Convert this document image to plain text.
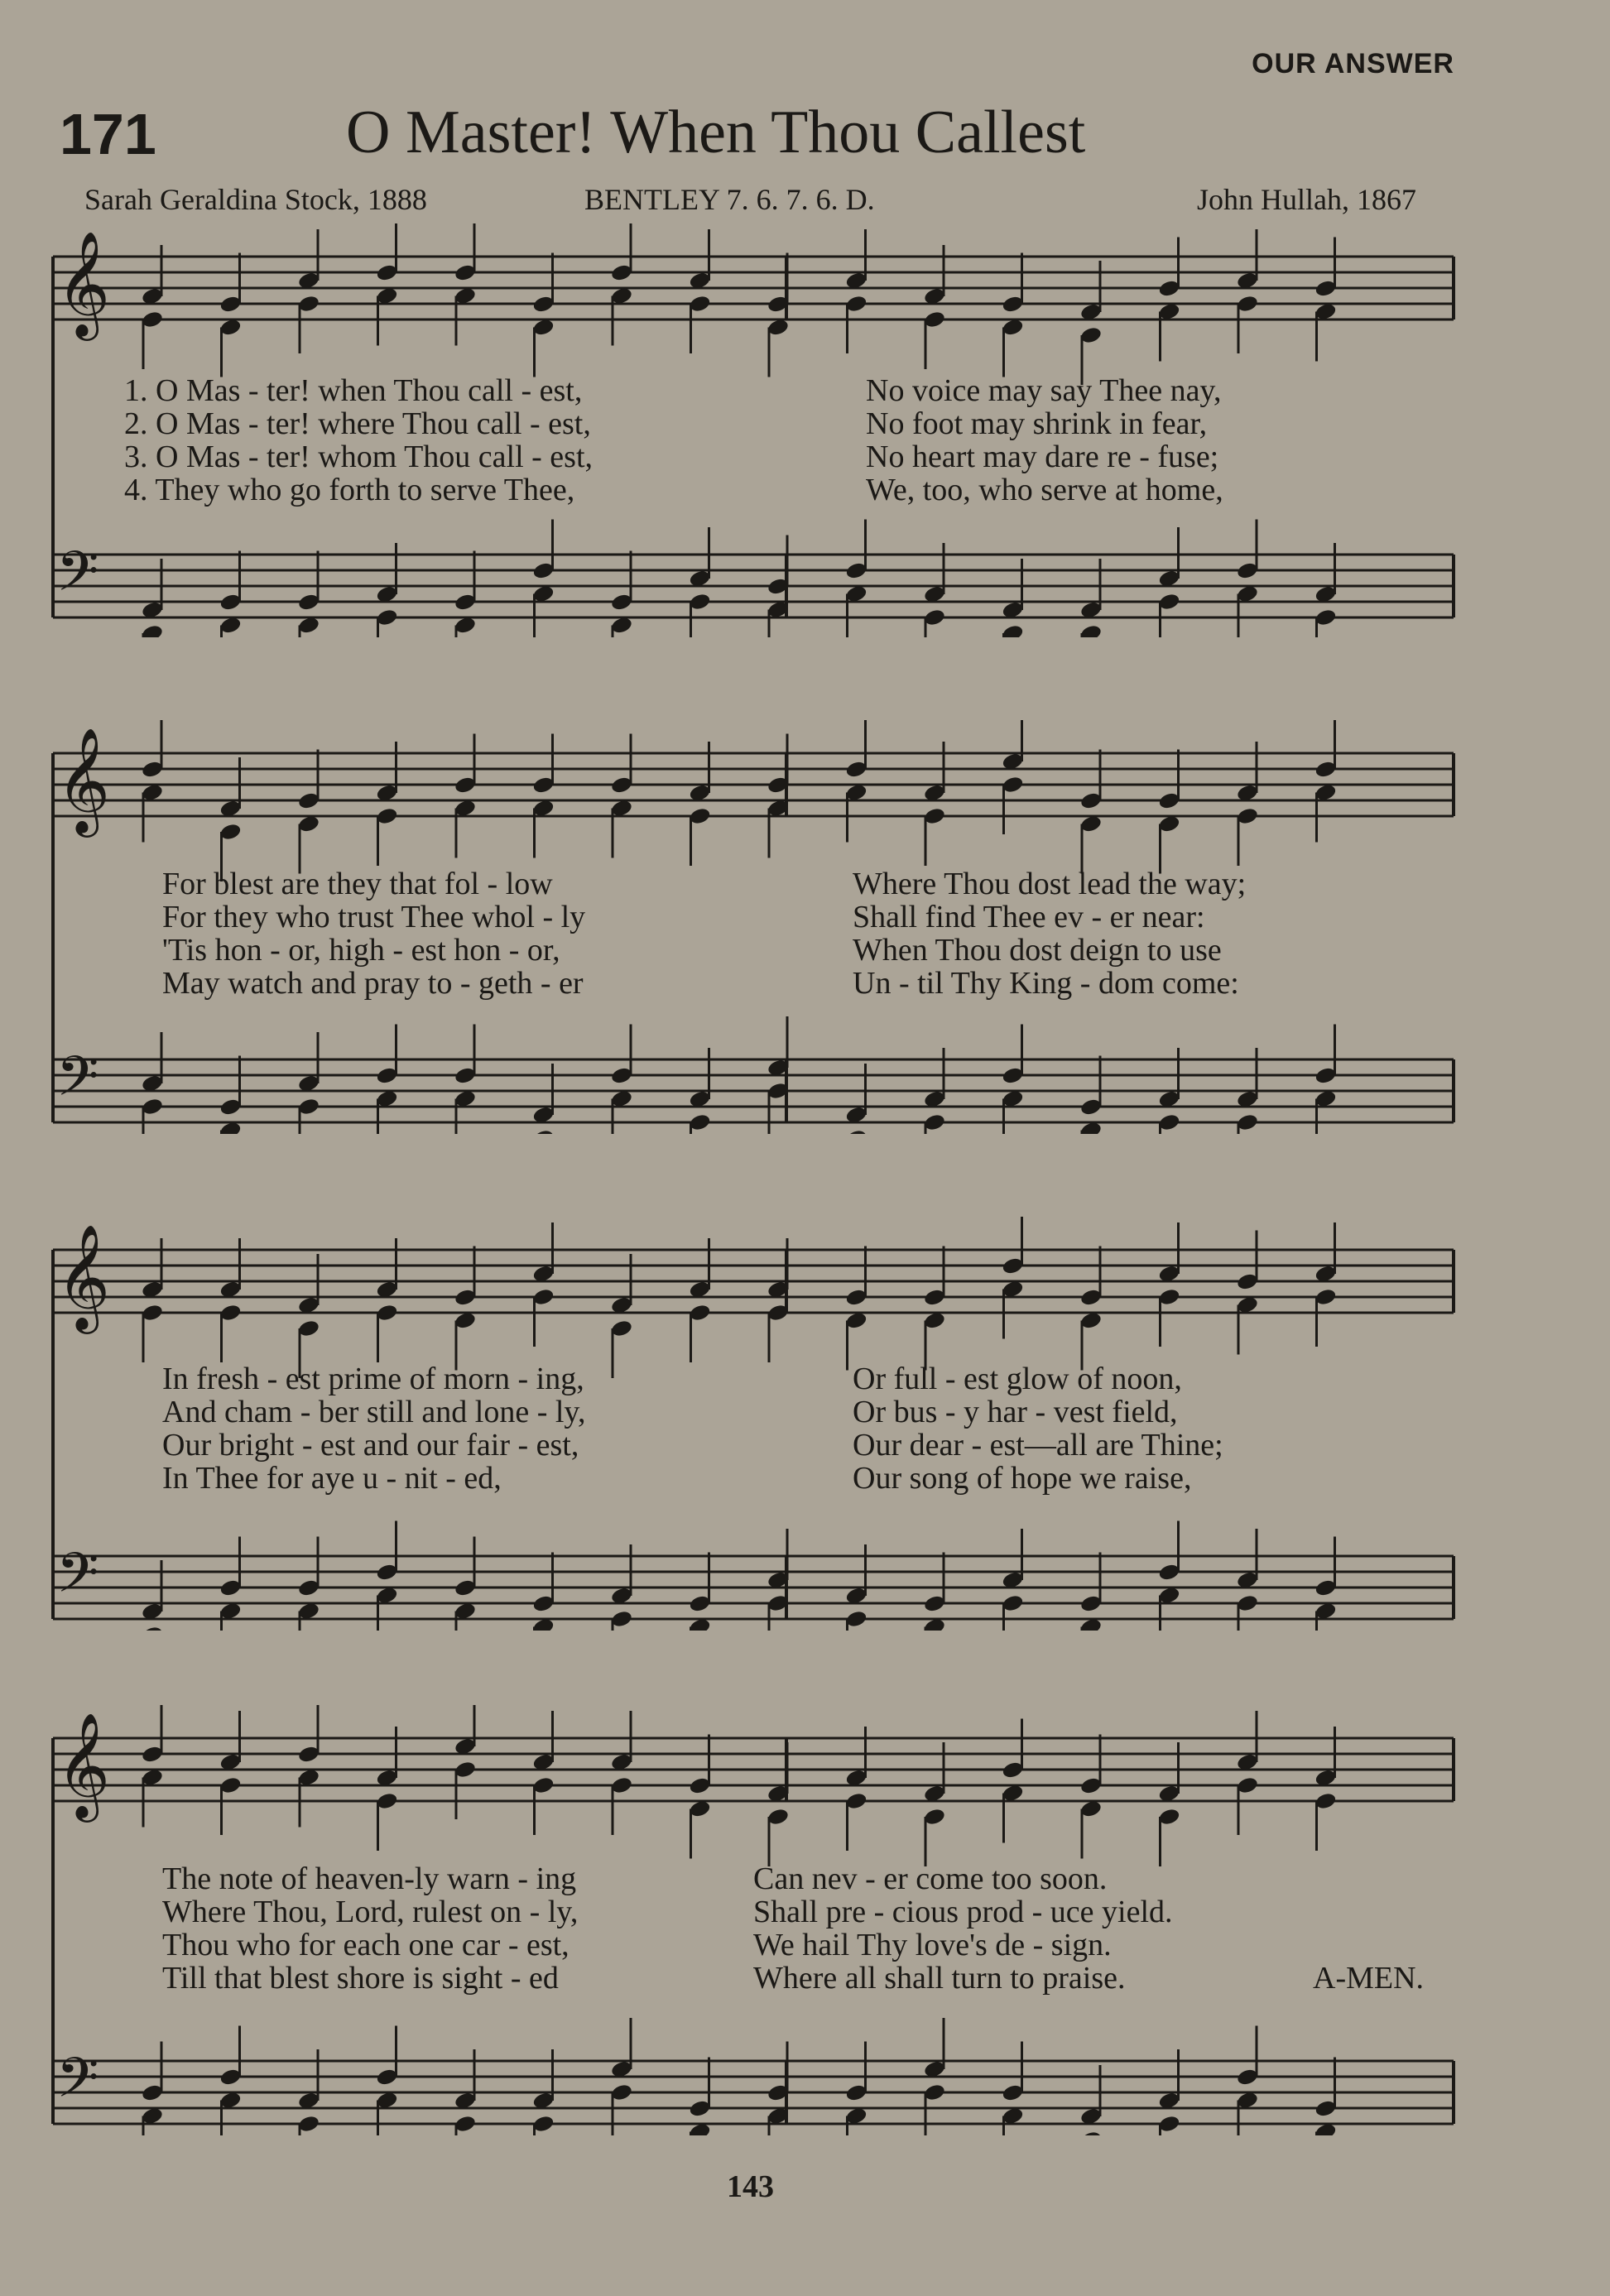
OUR ANSWER
171	O Master! When Thou Callest
Sarah Geraldina Stock, 1888	BENTLEY 7. 6. 7. 6. D.	John Hullah, 1867
𝄞
𝄢
𝄞
𝄢
𝄞
𝄢
𝄞
𝄢
1. O Mas - ter! when Thou call - est,	No voice may say Thee nay,
2. O Mas - ter! where Thou call - est,	No foot may shrink in fear,
3. O Mas - ter! whom Thou call - est,	No heart may dare re - fuse;
4. They who go forth to serve Thee,	We, too, who serve at home,
For blest are they that fol - low	Where Thou dost lead the way;
For they who trust Thee whol - ly	Shall find Thee ev - er near:
'Tis hon - or, high - est hon - or,	When Thou dost deign to use
May watch and pray to - geth - er	Un - til Thy King - dom come:
In fresh - est prime of morn - ing,	Or full - est glow of noon,
And cham - ber still and lone - ly,	Or bus - y har - vest field,
Our bright - est and our fair - est,	Our dear - est—all are Thine;
In Thee for aye u - nit - ed,	Our song of hope we raise,
The note of heaven-ly warn - ing	Can nev - er come too soon.
Where Thou, Lord, rulest on - ly,	Shall pre - cious prod - uce yield.
Thou who for each one car - est,	We hail Thy love's de - sign.
Till that blest shore is sight - ed	Where all shall turn to praise.	A-MEN.
143
